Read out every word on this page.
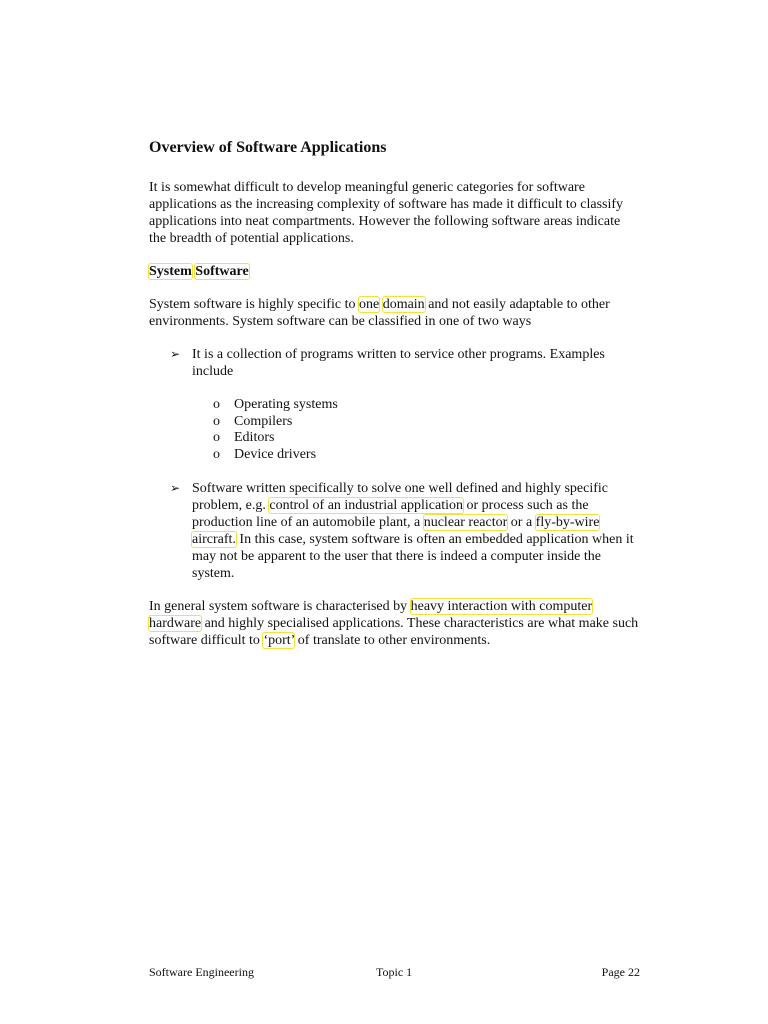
Overview of Software Applications

It is somewhat difficult to develop meaningful generic categories for software applications as the increasing complexity of software has made it difficult to classify applications into neat compartments. However the following software areas indicate the breadth of potential applications.

System Software

System software is highly specific to one domain and not easily adaptable to other environments. System software can be classified in one of two ways

➢ It is a collection of programs written to service other programs. Examples include
o Operating systems
o Compilers
o Editors
o Device drivers
➢ Software written specifically to solve one well defined and highly specific problem, e.g. control of an industrial application or process such as the production line of an automobile plant, a nuclear reactor or a fly-by-wire aircraft. In this case, system software is often an embedded application when it may not be apparent to the user that there is indeed a computer inside the system.

In general system software is characterised by heavy interaction with computer hardware and highly specialised applications. These characteristics are what make such software difficult to ‘port’ of translate to other environments.

Software Engineering	Topic 1	Page 22
